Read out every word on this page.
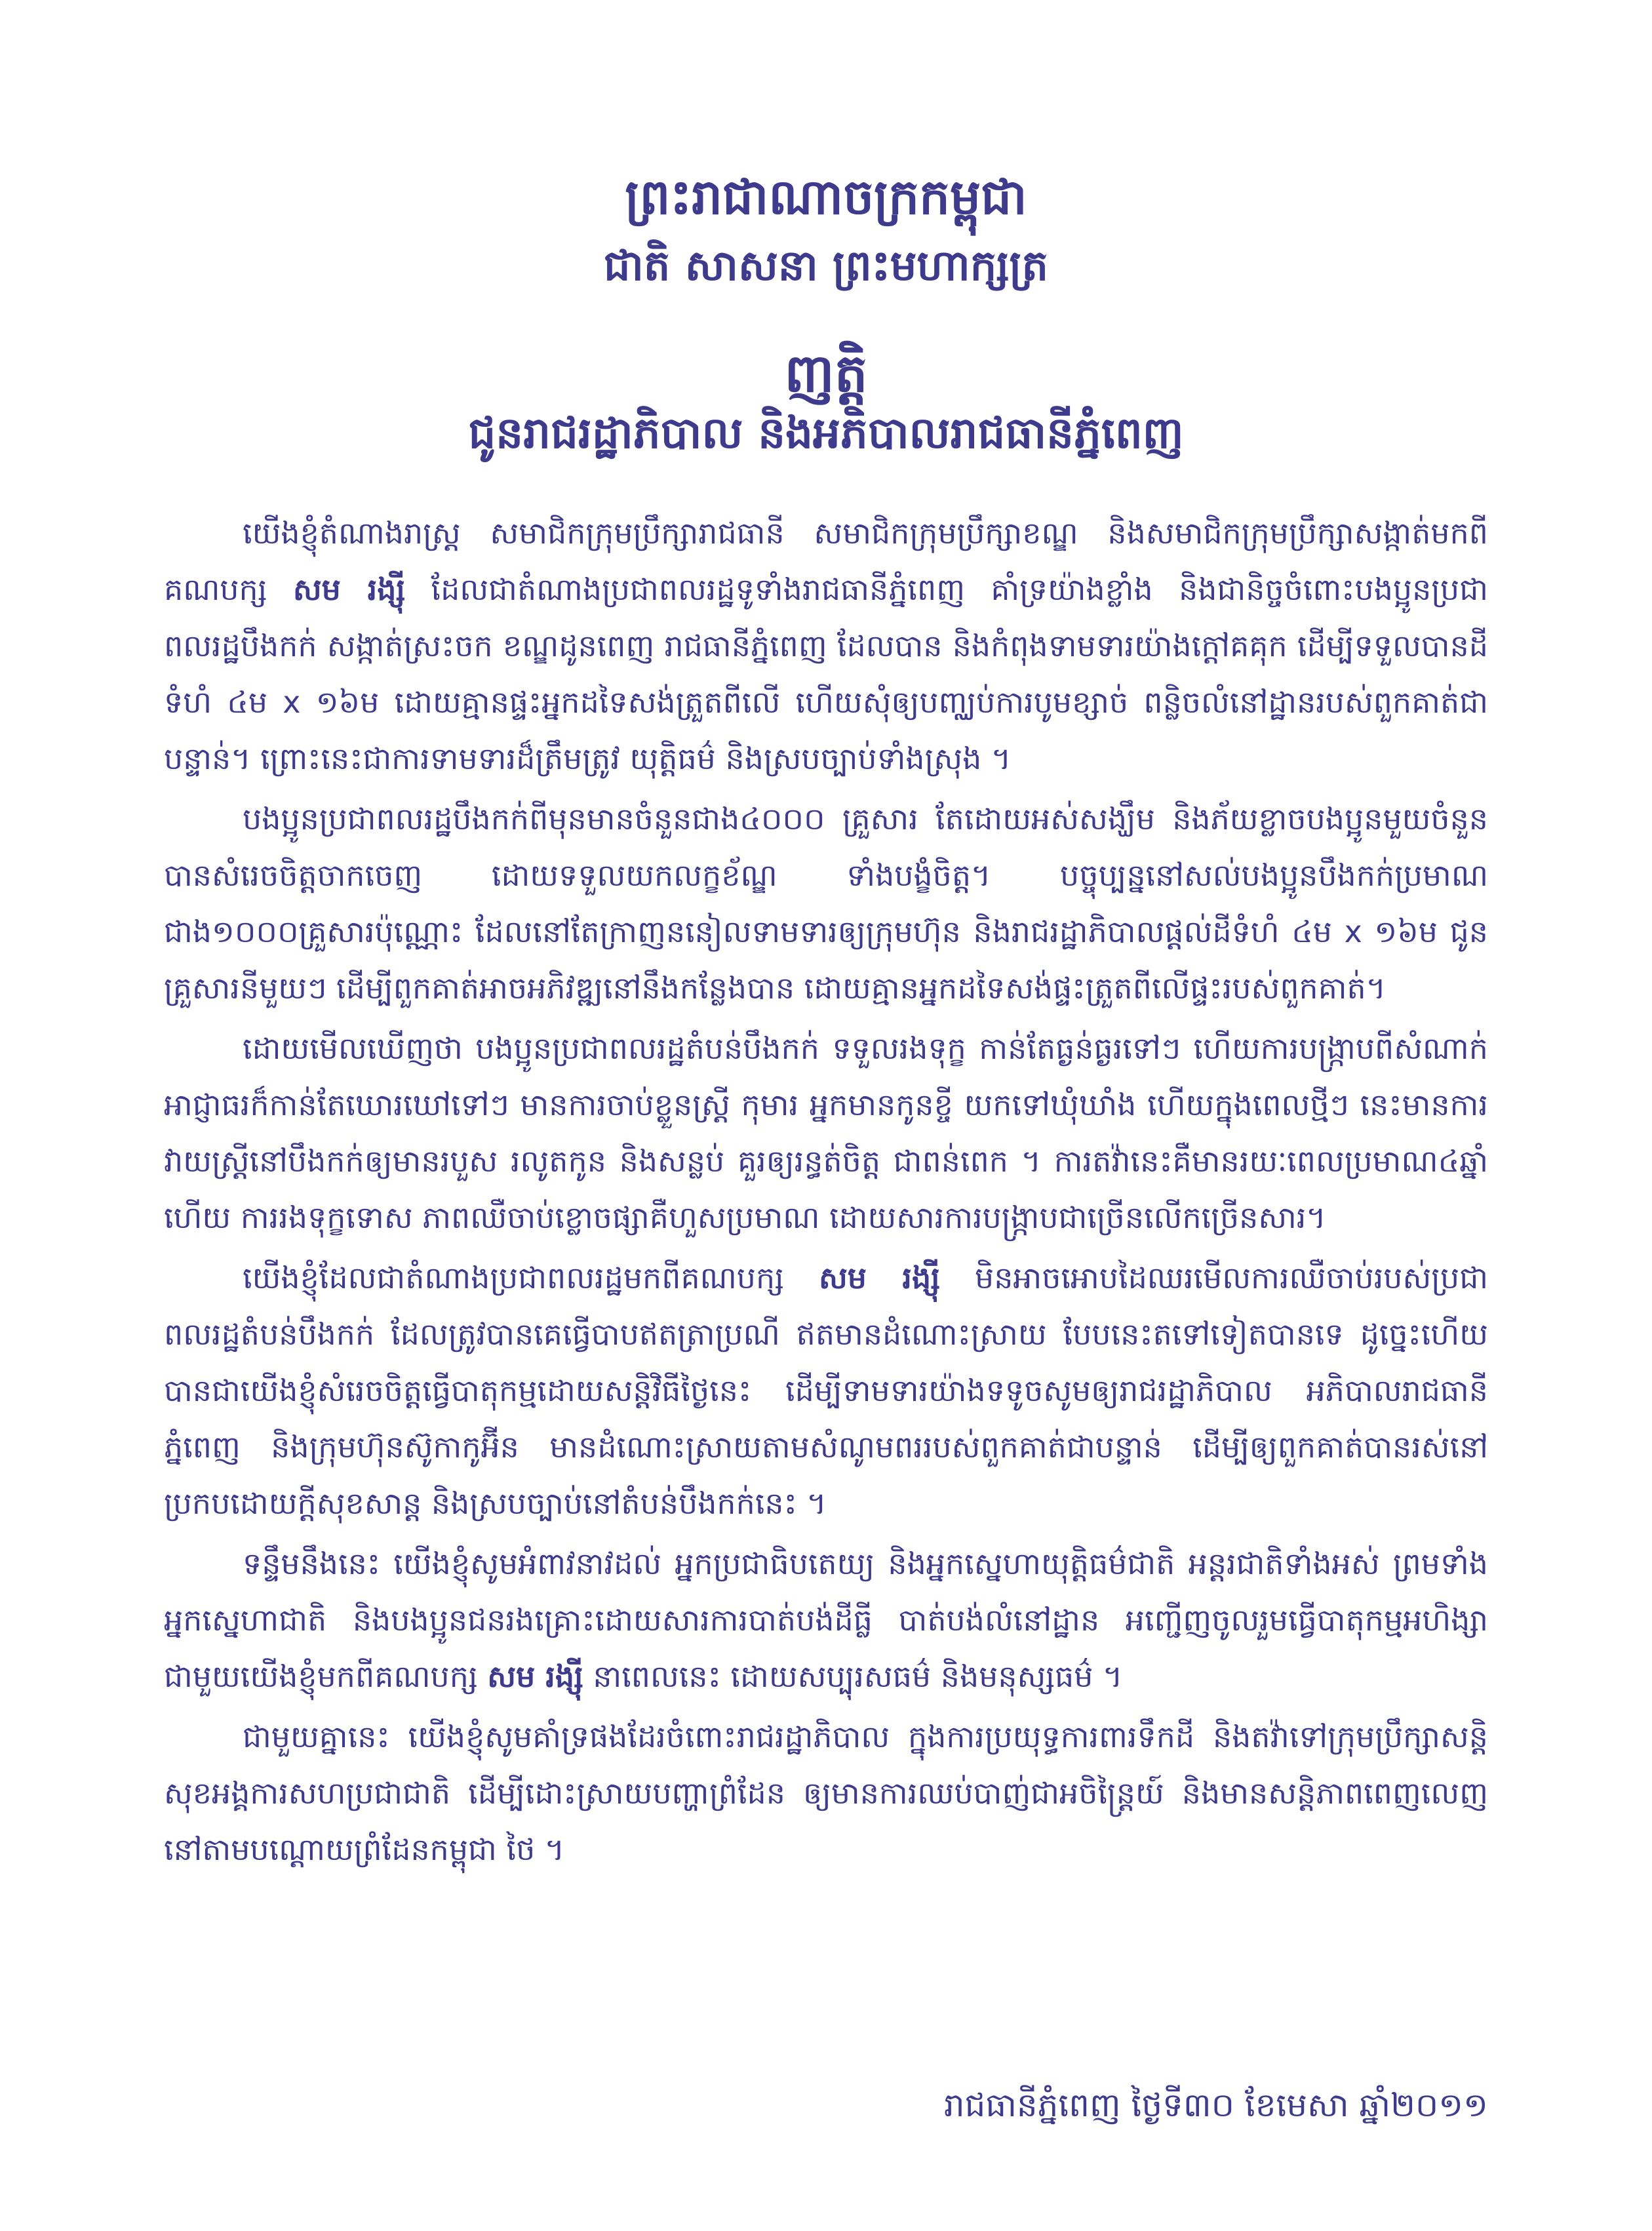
ព្រះរាជាណាចក្រកម្ពុជា
ជាតិ សាសនា ព្រះមហាក្សត្រ
ញត្តិ
ជូនរាជរដ្ឋាភិបាល និងអភិបាលរាជធានីភ្នំពេញ

យើងខ្ញុំតំណាងរាស្ត្រ សមាជិកក្រុមប្រឹក្សារាជធានី សមាជិកក្រុមប្រឹក្សាខណ្ឌ និងសមាជិកក្រុមប្រឹក្សាសង្កាត់មកពីគណបក្ស សម រង្ស៊ី ដែលជាតំណាងប្រជាពលរដ្ឋទូទាំងរាជធានីភ្នំពេញ គាំទ្រយ៉ាងខ្លាំង និងជានិច្ចចំពោះបងប្អូនប្រជាពលរដ្ឋបឹងកក់ សង្កាត់ស្រះចក ខណ្ឌដូនពេញ រាជធានីភ្នំពេញ ដែលបាន និងកំពុងទាមទារយ៉ាងក្ដៅគគុក ដើម្បីទទួលបានដីទំហំ ៤ម x ១៦ម ដោយគ្មានផ្ទះអ្នកដទៃសង់ត្រួតពីលើ ហើយសុំឲ្យបញ្ឈប់ការបូមខ្សាច់ ពន្លិចលំនៅដ្ឋានរបស់ពួកគាត់ជាបន្ទាន់។ ព្រោះនេះជាការទាមទារដ៏ត្រឹមត្រូវ យុត្តិធម៌ និងស្របច្បាប់ទាំងស្រុង ។

បងប្អូនប្រជាពលរដ្ឋបឹងកក់ពីមុនមានចំនួនជាង៤០០០ គ្រួសារ តែដោយអស់សង្ឃឹម និងភ័យខ្លាចបងប្អូនមួយចំនួនបានសំរេចចិត្តចាកចេញ ដោយទទួលយកលក្ខខ័ណ្ឌ ទាំងបង្ខំចិត្ត។ បច្ចុប្បន្ននៅសល់បងប្អូនបឹងកក់ប្រមាណជាង១០០០គ្រួសារប៉ុណ្ណោះ ដែលនៅតែក្រាញននៀលទាមទារឲ្យក្រុមហ៊ុន និងរាជរដ្ឋាភិបាលផ្ដល់ដីទំហំ ៤ម x ១៦ម ជូនគ្រួសារនីមួយៗ ដើម្បីពួកគាត់អាចអភិវឌ្ឍនៅនឹងកន្លែងបាន ដោយគ្មានអ្នកដទៃសង់ផ្ទះត្រួតពីលើផ្ទះរបស់ពួកគាត់។

ដោយមើលឃើញថា បងប្អូនប្រជាពលរដ្ឋតំបន់បឹងកក់ ទទួលរងទុក្ខ កាន់តែធ្ងន់ធ្ងរទៅៗ ហើយការបង្ក្រាបពីសំណាក់អាជ្ញាធរក៏កាន់តែឃោរឃៅទៅៗ មានការចាប់ខ្លួនស្ត្រី កុមារ អ្នកមានកូនខ្ចី យកទៅឃុំឃាំង ហើយក្នុងពេលថ្មីៗ នេះមានការវាយស្ត្រីនៅបឹងកក់ឲ្យមានរបួស រលូតកូន និងសន្លប់ គួរឲ្យរន្ធត់ចិត្ត ជាពន់ពេក ។ ការតវ៉ានេះគឺមានរយៈពេលប្រមាណ៤ឆ្នាំហើយ ការរងទុក្ខទោស ភាពឈឺចាប់ខ្លោចផ្សាគឺហួសប្រមាណ ដោយសារការបង្ក្រាបជាច្រើនលើកច្រើនសារ។

យើងខ្ញុំដែលជាតំណាងប្រជាពលរដ្ឋមកពីគណបក្ស សម រង្ស៊ី មិនអាចអោបដៃឈរមើលការឈឺចាប់របស់ប្រជាពលរដ្ឋតំបន់បឹងកក់ ដែលត្រូវបានគេធ្វើបាបឥតត្រាប្រណី ឥតមានដំណោះស្រាយ បែបនេះតទៅទៀតបានទេ ដូច្នេះហើយបានជាយើងខ្ញុំសំរេចចិត្តធ្វើបាតុកម្មដោយសន្តិវិធីថ្ងៃនេះ ដើម្បីទាមទារយ៉ាងទទូចសូមឲ្យរាជរដ្ឋាភិបាល អភិបាលរាជធានីភ្នំពេញ និងក្រុមហ៊ុនស៊ូកាកូអ៊ីន មានដំណោះស្រាយតាមសំណូមពររបស់ពួកគាត់ជាបន្ទាន់ ដើម្បីឲ្យពួកគាត់បានរស់នៅ ប្រកបដោយក្ដីសុខសាន្ត និងស្របច្បាប់នៅតំបន់បឹងកក់នេះ ។

ទន្ទឹមនឹងនេះ យើងខ្ញុំសូមអំពាវនាវដល់ អ្នកប្រជាធិបតេយ្យ និងអ្នកស្នេហាយុត្តិធម៌ជាតិ អន្តរជាតិទាំងអស់ ព្រមទាំងអ្នកស្នេហាជាតិ និងបងប្អូនជនរងគ្រោះដោយសារការបាត់បង់ដីធ្លី បាត់បង់លំនៅដ្ឋាន អញ្ជើញចូលរួមធ្វើបាតុកម្មអហិង្សា ជាមួយយើងខ្ញុំមកពីគណបក្ស សម រង្ស៊ី នាពេលនេះ ដោយសប្បុរសធម៌ និងមនុស្សធម៌ ។

ជាមួយគ្នានេះ យើងខ្ញុំសូមគាំទ្រផងដែរចំពោះរាជរដ្ឋាភិបាល ក្នុងការប្រយុទ្ធការពារទឹកដី និងតវ៉ាទៅក្រុមប្រឹក្សាសន្តិសុខអង្គការសហប្រជាជាតិ ដើម្បីដោះស្រាយបញ្ហាព្រំដែន ឲ្យមានការឈប់បាញ់ជាអចិន្ត្រៃយ៍ និងមានសន្តិភាពពេញលេញ នៅតាមបណ្ដោយព្រំដែនកម្ពុជា ថៃ ។

រាជធានីភ្នំពេញ ថ្ងៃទី៣០ ខែមេសា ឆ្នាំ២០១១
